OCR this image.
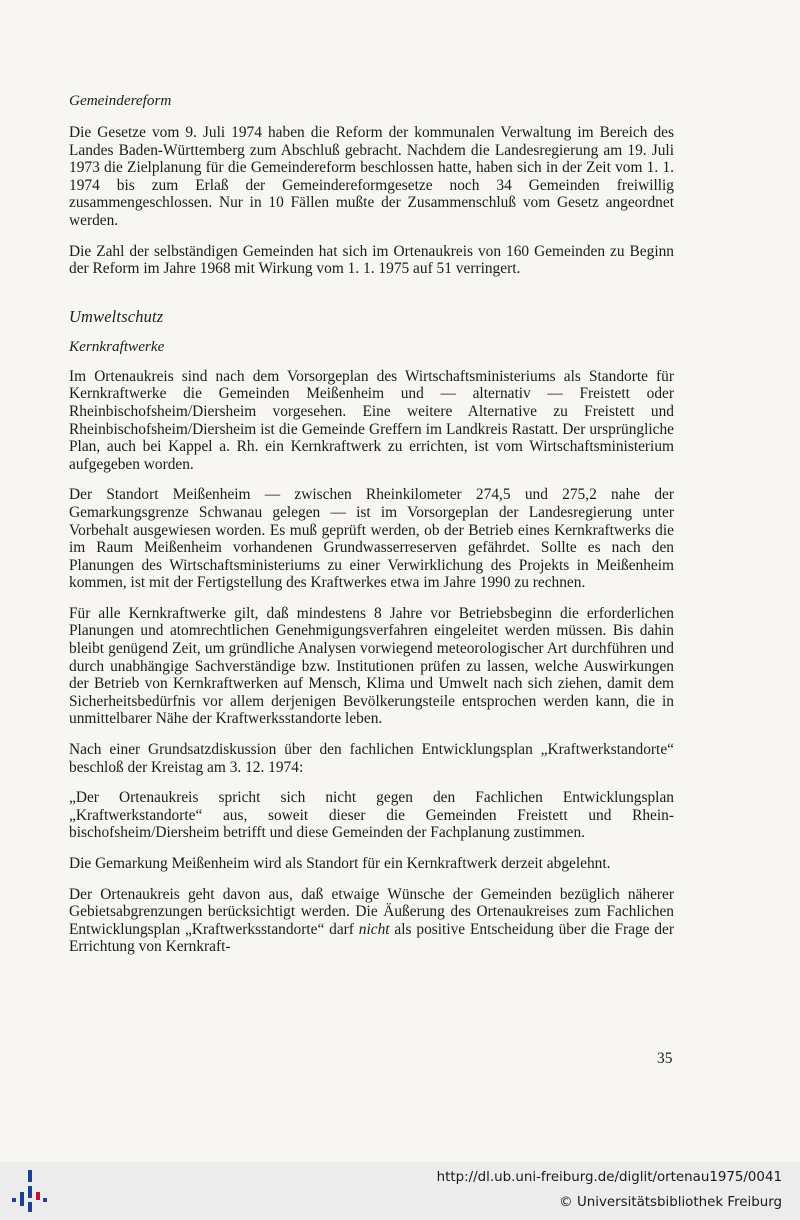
Gemeindereform

Die Gesetze vom 9. Juli 1974 haben die Reform der kommunalen Verwaltung im Bereich des Landes Baden-Württemberg zum Abschluß gebracht. Nachdem die Landesregierung am 19. Juli 1973 die Zielplanung für die Gemeindereform beschlossen hatte, haben sich in der Zeit vom 1. 1. 1974 bis zum Erlaß der Gemeindereformgesetze noch 34 Gemeinden freiwillig zusammengeschlossen. Nur in 10 Fällen mußte der Zusammenschluß vom Gesetz angeordnet werden.

Die Zahl der selbständigen Gemeinden hat sich im Ortenaukreis von 160 Gemeinden zu Beginn der Reform im Jahre 1968 mit Wirkung vom 1. 1. 1975 auf 51 verringert.

Umweltschutz
Kernkraftwerke

Im Ortenaukreis sind nach dem Vorsorgeplan des Wirtschaftsministeriums als Standorte für Kernkraftwerke die Gemeinden Meißenheim und — alternativ — Freistett oder Rheinbischofsheim/Diersheim vorgesehen. Eine weitere Alternative zu Freistett und Rheinbischofsheim/Diersheim ist die Gemeinde Greffern im Landkreis Rastatt. Der ursprüngliche Plan, auch bei Kappel a. Rh. ein Kernkraftwerk zu errichten, ist vom Wirtschaftsministerium aufgegeben worden.

Der Standort Meißenheim — zwischen Rheinkilometer 274,5 und 275,2 nahe der Gemarkungsgrenze Schwanau gelegen — ist im Vorsorgeplan der Landesregierung unter Vorbehalt ausgewiesen worden. Es muß geprüft werden, ob der Betrieb eines Kernkraftwerks die im Raum Meißenheim vorhandenen Grundwasserreserven gefährdet. Sollte es nach den Planungen des Wirtschaftsministeriums zu einer Verwirklichung des Projekts in Meißenheim kommen, ist mit der Fertigstellung des Kraftwerkes etwa im Jahre 1990 zu rechnen.

Für alle Kernkraftwerke gilt, daß mindestens 8 Jahre vor Betriebsbeginn die erforderlichen Planungen und atomrechtlichen Genehmigungsverfahren eingeleitet werden müssen. Bis dahin bleibt genügend Zeit, um gründliche Analysen vorwiegend meteorologischer Art durchführen und durch unabhängige Sachverständige bzw. Institutionen prüfen zu lassen, welche Auswirkungen der Betrieb von Kernkraftwerken auf Mensch, Klima und Umwelt nach sich ziehen, damit dem Sicherheitsbedürfnis vor allem derjenigen Bevölkerungsteile entsprochen werden kann, die in unmittelbarer Nähe der Kraftwerksstandorte leben.

Nach einer Grundsatzdiskussion über den fachlichen Entwicklungsplan „Kraftwerkstandorte“ beschloß der Kreistag am 3. 12. 1974:

„Der Ortenaukreis spricht sich nicht gegen den Fachlichen Entwicklungsplan „Kraftwerkstandorte“ aus, soweit dieser die Gemeinden Freistett und Rheinbischofsheim/Diersheim betrifft und diese Gemeinden der Fachplanung zustimmen.

Die Gemarkung Meißenheim wird als Standort für ein Kernkraftwerk derzeit abgelehnt.

Der Ortenaukreis geht davon aus, daß etwaige Wünsche der Gemeinden bezüglich näherer Gebietsabgrenzungen berücksichtigt werden. Die Äußerung des Ortenaukreises zum Fachlichen Entwicklungsplan „Kraftwerksstandorte“ darf nicht als positive Entscheidung über die Frage der Errichtung von Kernkraft-

35
http://dl.ub.uni-freiburg.de/diglit/ortenau1975/0041
© Universitätsbibliothek Freiburg
